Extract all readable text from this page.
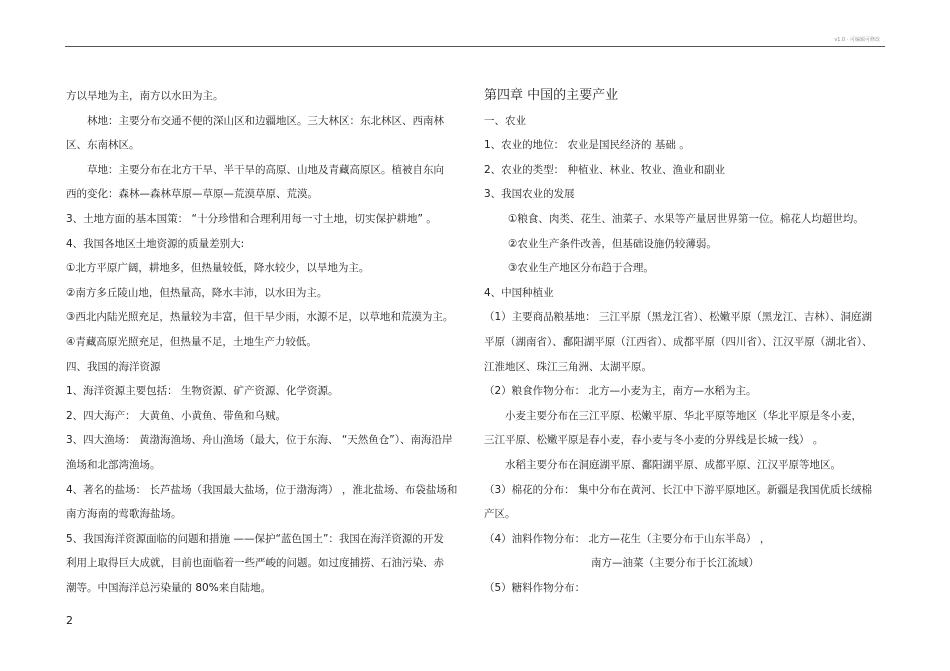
v1.0 · 可编辑可修改
方以旱地为主，南方以水田为主。
林地：主要分布交通不便的深山区和边疆地区。三大林区：东北林区、西南林
区、东南林区。
草地：主要分布在北方干旱、半干旱的高原、山地及青藏高原区。植被自东向
西的变化：森林—森林草原—草原—荒漠草原、荒漠。
3、土地方面的基本国策： “十分珍惜和合理利用每一寸土地，切实保护耕地” 。
4、我国各地区土地资源的质量差别大:
①北方平原广阔，耕地多，但热量较低，降水较少，以旱地为主。
②南方多丘陵山地，但热量高，降水丰沛，以水田为主。
③西北内陆光照充足，热量较为丰富，但干旱少雨，水源不足，以草地和荒漠为主。
④青藏高原光照充足，但热量不足，土地生产力较低。
四、我国的海洋资源
1、海洋资源主要包括： 生物资源、矿产资源、化学资源。
2、四大海产： 大黄鱼、小黄鱼、带鱼和乌贼。
3、四大渔场： 黄渤海渔场、舟山渔场（最大，位于东海、 “天然鱼仓”）、南海沿岸
渔场和北部湾渔场。
4、著名的盐场： 长芦盐场（我国最大盐场，位于渤海湾） ，淮北盐场、布袋盐场和
南方海南的莺歌海盐场。
5、我国海洋资源面临的问题和措施 ——保护“蓝色国土”：我国在海洋资源的开发
利用上取得巨大成就，目前也面临着一些严峻的问题。如过度捕捞、石油污染、赤
潮等。中国海洋总污染量的 80%来自陆地。
第四章 中国的主要产业
一、农业
1、农业的地位： 农业是国民经济的 基础 。
2、农业的类型： 种植业、林业、牧业、渔业和副业
3、我国农业的发展
①粮食、肉类、花生、油菜子、水果等产量居世界第一位。棉花人均超世均。
②农业生产条件改善，但基础设施仍较薄弱。
③农业生产地区分布趋于合理。
4、中国种植业
（1）主要商品粮基地： 三江平原（黑龙江省）、松嫩平原（黑龙江、吉林）、洞庭湖
平原（湖南省）、鄱阳湖平原（江西省）、成都平原（四川省）、江汉平原（湖北省）、
江淮地区、珠江三角洲、太湖平原。
（2）粮食作物分布： 北方—小麦为主，南方—水稻为主。
小麦主要分布在三江平原、松嫩平原、华北平原等地区（华北平原是冬小麦，
三江平原、松嫩平原是春小麦，春小麦与冬小麦的分界线是长城一线） 。
水稻主要分布在洞庭湖平原、鄱阳湖平原、成都平原、江汉平原等地区。
（3）棉花的分布： 集中分布在黄河、长江中下游平原地区。新疆是我国优质长绒棉
产区。
（4）油料作物分布： 北方—花生（主要分布于山东半岛） ，
南方—油菜（主要分布于长江流域）
（5）糖料作物分布：
2
